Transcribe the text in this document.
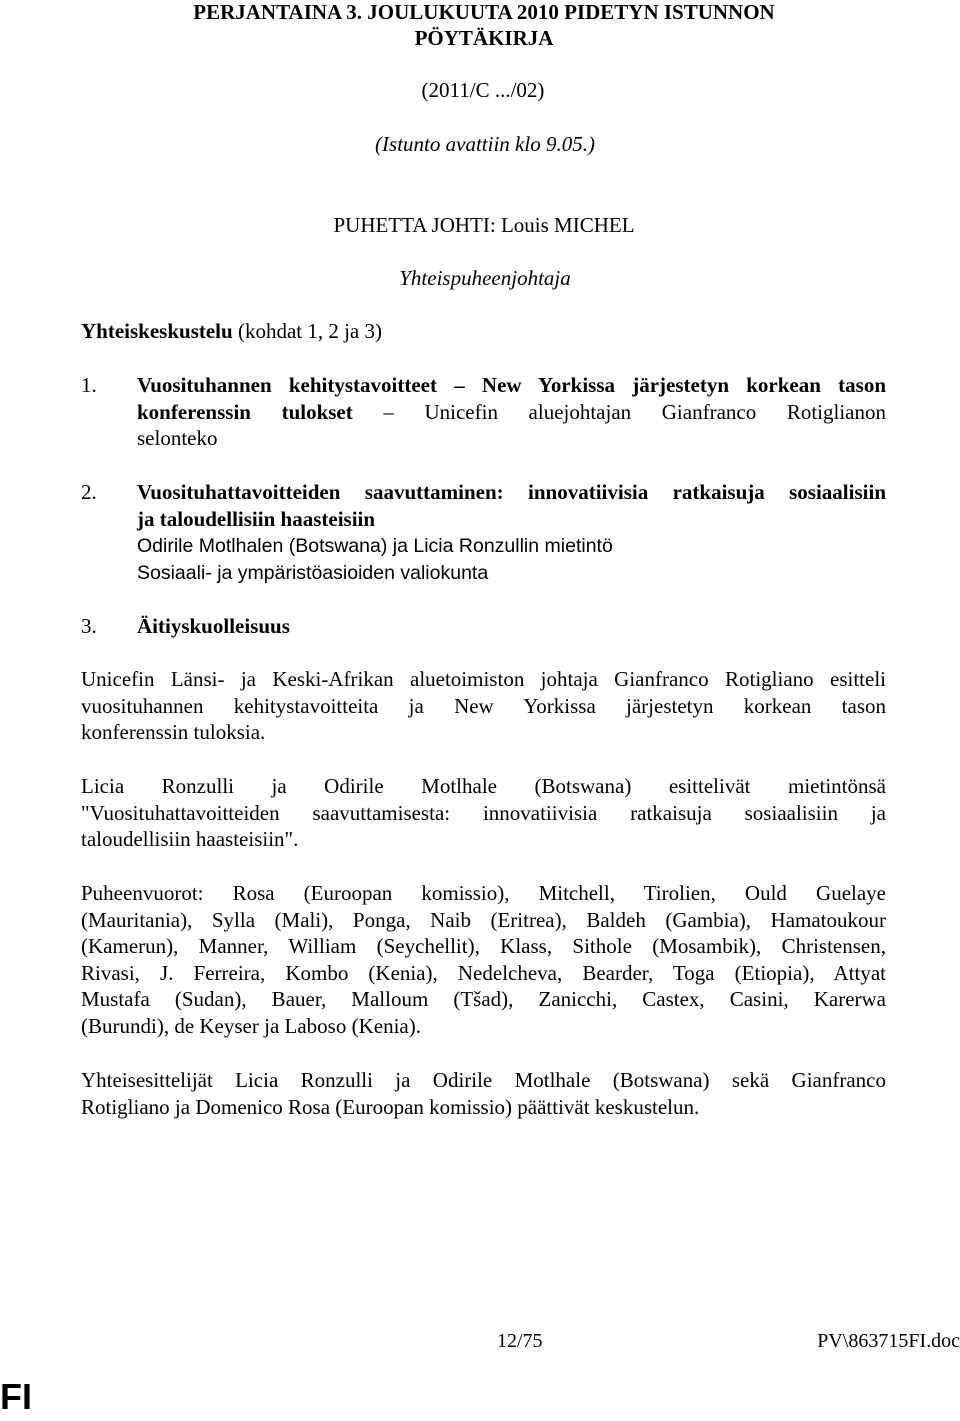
PERJANTAINA 3. JOULUKUUTA 2010 PIDETYN ISTUNNON
PÖYTÄKIRJA
(2011/C .../02)
(Istunto avattiin klo 9.05.)
PUHETTA JOHTI: Louis MICHEL
Yhteispuheenjohtaja
Yhteiskeskustelu (kohdat 1, 2 ja 3)
1. Vuosituhannen kehitystavoitteet – New Yorkissa järjestetyn korkean tason
konferenssin tulokset – Unicefin aluejohtajan Gianfranco Rotiglianon
selonteko
2. Vuosituhattavoitteiden saavuttaminen: innovatiivisia ratkaisuja sosiaalisiin
ja taloudellisiin haasteisiin
Odirile Motlhalen (Botswana) ja Licia Ronzullin mietintö
Sosiaali- ja ympäristöasioiden valiokunta
3. Äitiyskuolleisuus
Unicefin Länsi- ja Keski-Afrikan aluetoimiston johtaja Gianfranco Rotigliano esitteli
vuosituhannen kehitystavoitteita ja New Yorkissa järjestetyn korkean tason
konferenssin tuloksia.
Licia Ronzulli ja Odirile Motlhale (Botswana) esittelivät mietintönsä
"Vuosituhattavoitteiden saavuttamisesta: innovatiivisia ratkaisuja sosiaalisiin ja
taloudellisiin haasteisiin".
Puheenvuorot: Rosa (Euroopan komissio), Mitchell, Tirolien, Ould Guelaye
(Mauritania), Sylla (Mali), Ponga, Naib (Eritrea), Baldeh (Gambia), Hamatoukour
(Kamerun), Manner, William (Seychellit), Klass, Sithole (Mosambik), Christensen,
Rivasi, J. Ferreira, Kombo (Kenia), Nedelcheva, Bearder, Toga (Etiopia), Attyat
Mustafa (Sudan), Bauer, Malloum (Tšad), Zanicchi, Castex, Casini, Karerwa
(Burundi), de Keyser ja Laboso (Kenia).
Yhteisesittelijät Licia Ronzulli ja Odirile Motlhale (Botswana) sekä Gianfranco
Rotigliano ja Domenico Rosa (Euroopan komissio) päättivät keskustelun.
12/75	PV\863715FI.doc
FI
